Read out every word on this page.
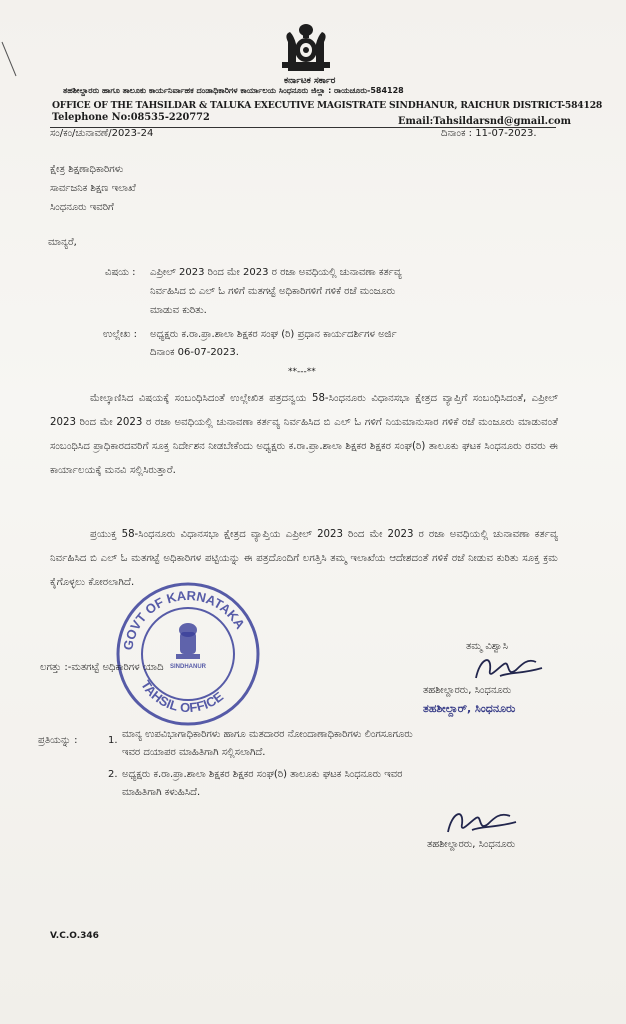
ಕರ್ನಾಟಕ ಸರ್ಕಾರ
ತಹಶೀಲ್ದಾರರು ಹಾಗೂ ತಾಲೂಕು ಕಾರ್ಯನಿರ್ವಾಹಕ ದಂಡಾಧಿಕಾರಿಗಳ ಕಾರ್ಯಾಲಯ ಸಿಂಧನೂರು ಜಿಲ್ಲಾ : ರಾಯಚೂರು-584128
OFFICE OF THE TAHSILDAR & TALUKA EXECUTIVE MAGISTRATE SINDHANUR, RAICHUR DISTRICT-584128
Telephone No:08535-220772	Email:Tahsildarsnd@gmail.com
ಸಂ/ಕಂ/ಚುನಾವಣೆ/2023-24	ದಿನಾಂಕ : 11-07-2023.
ಕ್ಷೇತ್ರ ಶಿಕ್ಷಣಾಧಿಕಾರಿಗಳು
ಸಾರ್ವಜನಿಕ ಶಿಕ್ಷಣ ಇಲಾಖೆ
ಸಿಂಧನೂರು ಇವರಿಗೆ
ಮಾನ್ಯರೆ,
ವಿಷಯ : ಎಪ್ರೀಲ್ 2023 ರಿಂದ ಮೇ 2023 ರ ರಜಾ ಅವಧಿಯಲ್ಲಿ ಚುನಾವಣಾ ಕರ್ತವ್ಯ
ನಿರ್ವಹಿಸಿದ ಬಿ ಎಲ್ ಓ ಗಳಿಗೆ ಮತಗಟ್ಟೆ ಅಧಿಕಾರಿಗಳಿಗೆ ಗಳಿಕೆ ರಜೆ ಮಂಜೂರು
ಮಾಡುವ ಕುರಿತು.
ಉಲ್ಲೇಖ : ಅಧ್ಯಕ್ಷರು ಕ.ರಾ.ಪ್ರಾ.ಶಾಲಾ ಶಿಕ್ಷಕರ ಸಂಘ (ರಿ) ಪ್ರಧಾನ ಕಾರ್ಯದರ್ಶಿಗಳ ಅರ್ಜಿ
ದಿನಾಂಕ 06-07-2023.
**---**
ಮೇಲ್ಕಾಣಿಸಿದ ವಿಷಯಕ್ಕೆ ಸಂಬಂಧಿಸಿದಂತೆ ಉಲ್ಲೇಖಿತ ಪತ್ರದನ್ವಯ 58-ಸಿಂಧನೂರು ವಿಧಾನಸಭಾ ಕ್ಷೇತ್ರದ ವ್ಯಾಪ್ತಿಗೆ ಸಂಬಂಧಿಸಿದಂತೆ, ಎಪ್ರೀಲ್ 2023 ರಿಂದ ಮೇ 2023 ರ ರಜಾ ಅವಧಿಯಲ್ಲಿ ಚುನಾವಣಾ ಕರ್ತವ್ಯ ನಿರ್ವಹಿಸಿದ ಬಿ ಎಲ್ ಓ ಗಳಿಗೆ ನಿಯಮಾನುಸಾರ ಗಳಿಕೆ ರಜೆ ಮಂಜೂರು ಮಾಡುವಂತೆ ಸಂಬಂಧಿಸಿದ ಪ್ರಾಧಿಕಾರದವರಿಗೆ ಸೂಕ್ತ ನಿರ್ದೇಶನ ನೀಡಬೇಕೆಂದು ಅಧ್ಯಕ್ಷರು ಕ.ರಾ.ಪ್ರಾ.ಶಾಲಾ ಶಿಕ್ಷಕರ ಶಿಕ್ಷಕರ ಸಂಘ(ರಿ) ತಾಲೂಕು ಘಟಕ ಸಿಂಧನೂರು ರವರು ಈ ಕಾರ್ಯಾಲಯಕ್ಕೆ ಮನವಿ ಸಲ್ಲಿಸಿರುತ್ತಾರೆ.
ಪ್ರಯುಕ್ತ 58-ಸಿಂಧನೂರು ವಿಧಾನಸಭಾ ಕ್ಷೇತ್ರದ ವ್ಯಾಪ್ತಿಯ ಎಪ್ರೀಲ್ 2023 ರಿಂದ ಮೇ 2023 ರ ರಜಾ ಅವಧಿಯಲ್ಲಿ ಚುನಾವಣಾ ಕರ್ತವ್ಯ ನಿರ್ವಹಿಸಿದ ಬಿ ಎಲ್ ಓ ಮತಗಟ್ಟೆ ಅಧಿಕಾರಿಗಳ ಪಟ್ಟಿಯನ್ನು ಈ ಪತ್ರದೊಂದಿಗೆ ಲಗತ್ತಿಸಿ ತಮ್ಮ ಇಲಾಖೆಯ ಆದೇಶದಂತೆ ಗಳಿಕೆ ರಜೆ ನೀಡುವ ಕುರಿತು ಸೂಕ್ತ ಕ್ರಮ ಕೈಗೊಳ್ಳಲು ಕೋರಲಾಗಿದೆ.
GOVT OF KARNATAKA
TAHSIL OFFICE
SINDHANUR
ತಮ್ಮ ವಿಶ್ವಾಸಿ
ತಹಶೀಲ್ದಾರರು, ಸಿಂಧನೂರು
ತಹಶೀಲ್ದಾರ್, ಸಿಂಧನೂರು
ಲಗತ್ತು :-ಮತಗಟ್ಟೆ ಅಧಿಕಾರಿಗಳ ಯಾದಿ
ಪ್ರತಿಯನ್ನು :	1.
ಮಾನ್ಯ ಉಪವಿಭಾಗಾಧಿಕಾರಿಗಳು ಹಾಗೂ ಮತದಾರರ ನೋಂದಾಣಾಧಿಕಾರಿಗಳು ಲಿಂಗಸೂಗೂರು
ಇವರ ದಯಾಪರ ಮಾಹಿತಿಗಾಗಿ ಸಲ್ಲಿಸಲಾಗಿದೆ.
2. ಅಧ್ಯಕ್ಷರು ಕ.ರಾ.ಪ್ರಾ.ಶಾಲಾ ಶಿಕ್ಷಕರ ಶಿಕ್ಷಕರ ಸಂಘ(ರಿ) ತಾಲೂಕು ಘಟಕ ಸಿಂಧನೂರು ಇವರ
ಮಾಹಿತಿಗಾಗಿ ಕಳುಹಿಸಿದೆ.
ತಹಶೀಲ್ದಾರರು, ಸಿಂಧನೂರು
V.C.O.346
